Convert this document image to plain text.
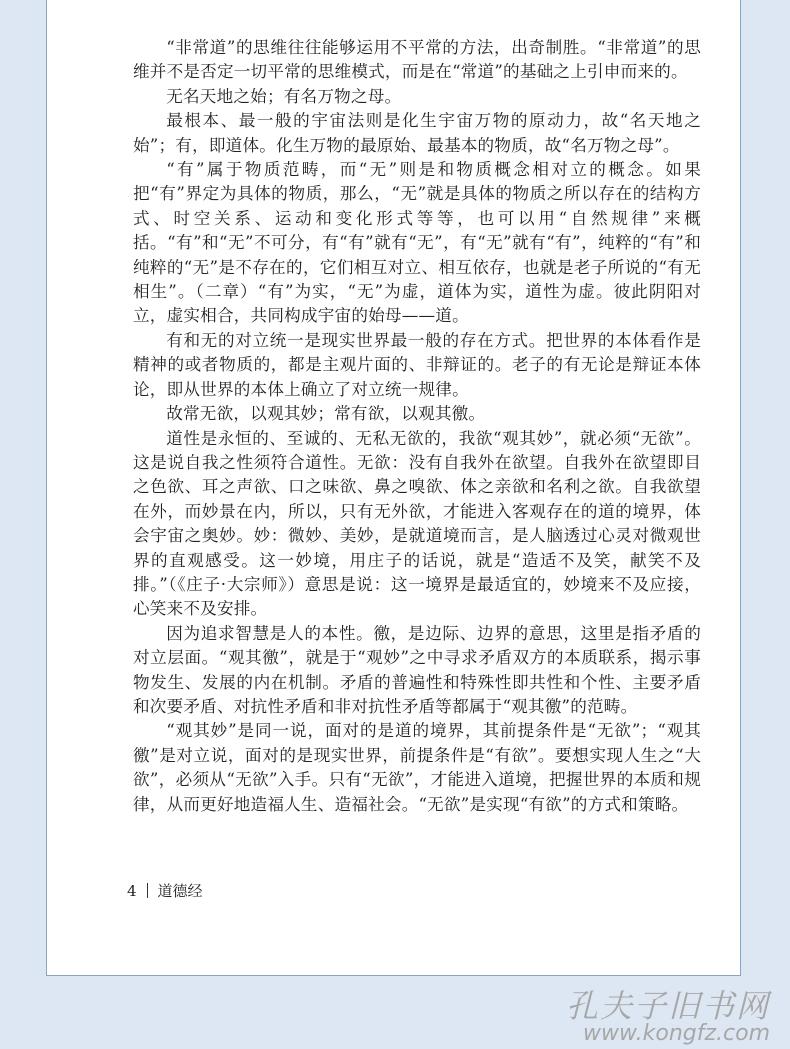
“非常道”的思维往往能够运用不平常的方法，出奇制胜。“非常道”的思维并不是否定一切平常的思维模式，而是在“常道”的基础之上引申而来的。

无名天地之始；有名万物之母。

最根本、最一般的宇宙法则是化生宇宙万物的原动力，故“名天地之始”；有，即道体。化生万物的最原始、最基本的物质，故“名万物之母”。

“有”属于物质范畴，而“无”则是和物质概念相对立的概念。如果把“有”界定为具体的物质，那么，“无”就是具体的物质之所以存在的结构方式、时空关系、运动和变化形式等等，也可以用“自然规律”来概括。“有”和“无”不可分，有“有”就有“无”，有“无”就有“有”，纯粹的“有”和纯粹的“无”是不存在的，它们相互对立、相互依存，也就是老子所说的“有无相生”。（二章）“有”为实，“无”为虚，道体为实，道性为虚。彼此阴阳对立，虚实相合，共同构成宇宙的始母——道。

有和无的对立统一是现实世界最一般的存在方式。把世界的本体看作是精神的或者物质的，都是主观片面的、非辩证的。老子的有无论是辩证本体论，即从世界的本体上确立了对立统一规律。

故常无欲，以观其妙；常有欲，以观其徼。

道性是永恒的、至诚的、无私无欲的，我欲“观其妙”，就必须“无欲”。这是说自我之性须符合道性。无欲：没有自我外在欲望。自我外在欲望即目之色欲、耳之声欲、口之味欲、鼻之嗅欲、体之亲欲和名利之欲。自我欲望在外，而妙景在内，所以，只有无外欲，才能进入客观存在的道的境界，体会宇宙之奥妙。妙：微妙、美妙，是就道境而言，是人脑透过心灵对微观世界的直观感受。这一妙境，用庄子的话说，就是“造适不及笑，献笑不及排。”（《庄子·大宗师》）意思是说：这一境界是最适宜的，妙境来不及应接，心笑来不及安排。

因为追求智慧是人的本性。徼，是边际、边界的意思，这里是指矛盾的对立层面。“观其徼”，就是于“观妙”之中寻求矛盾双方的本质联系，揭示事物发生、发展的内在机制。矛盾的普遍性和特殊性即共性和个性、主要矛盾和次要矛盾、对抗性矛盾和非对抗性矛盾等都属于“观其徼”的范畴。

“观其妙”是同一说，面对的是道的境界，其前提条件是“无欲”；“观其徼”是对立说，面对的是现实世界，前提条件是“有欲”。要想实现人生之“大欲”，必须从“无欲”入手。只有“无欲”，才能进入道境，把握世界的本质和规律，从而更好地造福人生、造福社会。“无欲”是实现“有欲”的方式和策略。

4 道德经
孔夫子旧书网
www.kongfz.com
